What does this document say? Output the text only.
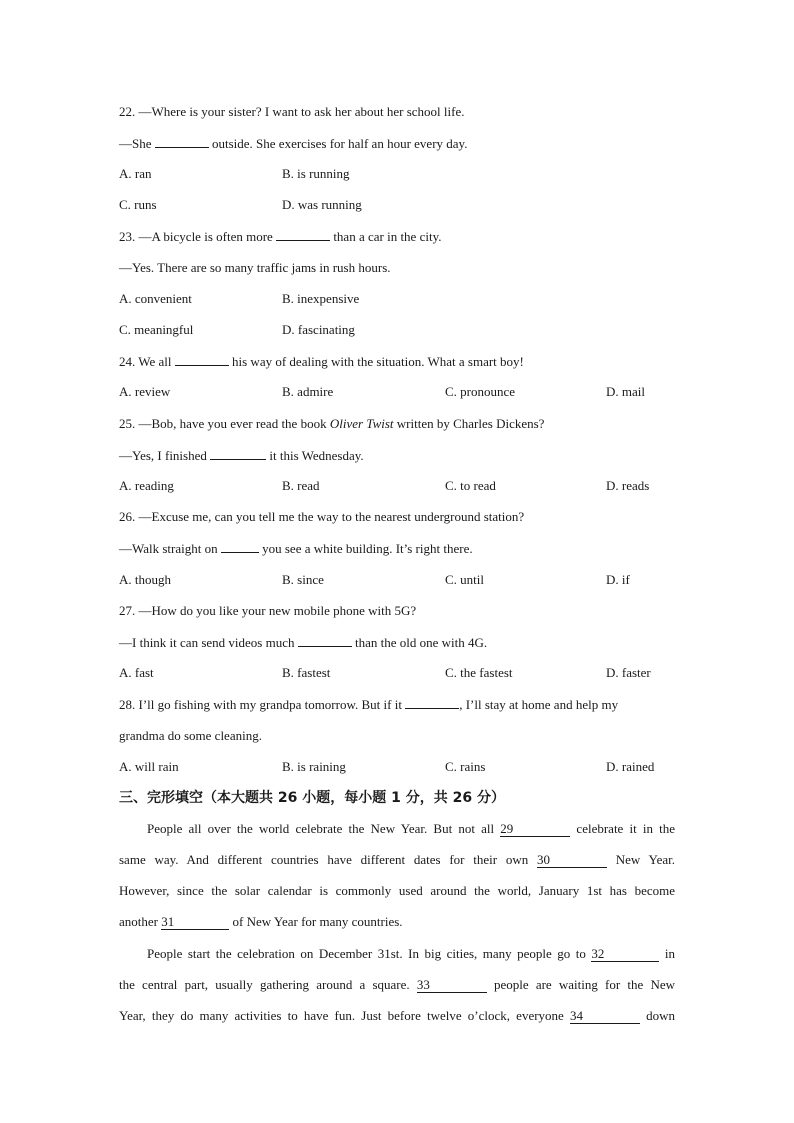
22. —Where is your sister? I want to ask her about her school life.
—She	outside. She exercises for half an hour every day.
A. ran	B. is running
C. runs	D. was running
23. —A bicycle is often more	than a car in the city.
—Yes. There are so many traffic jams in rush hours.
A. convenient	B. inexpensive
C. meaningful	D. fascinating
24. We all	his way of dealing with the situation. What a smart boy!
A. review	B. admire	C. pronounce	D. mail
25. —Bob, have you ever read the book Oliver Twist written by Charles Dickens?
—Yes, I finished	it this Wednesday.
A. reading	B. read	C. to read	D. reads
26. —Excuse me, can you tell me the way to the nearest underground station?
—Walk straight on	you see a white building. It’s right there.
A. though	B. since	C. until	D. if
27. —How do you like your new mobile phone with 5G?
—I think it can send videos much	than the old one with 4G.
A. fast	B. fastest	C. the fastest	D. faster
28. I’ll go fishing with my grandpa tomorrow. But if it	, I’ll stay at home and help my
grandma do some cleaning.
A. will rain	B. is raining	C. rains	D. rained
三、完形填空（本大题共 26 小题，每小题 1 分，共 26 分）
People all over the world celebrate the New Year. But not all 29	celebrate it in the
same way. And different countries have different dates for their own 30	New Year.
However, since the solar calendar is commonly used around the world, January 1st has become
another 31	of New Year for many countries.
People start the celebration on December 31st. In big cities, many people go to 32	in
the central part, usually gathering around a square. 33	people are waiting for the New
Year, they do many activities to have fun. Just before twelve o’clock, everyone 34	down
